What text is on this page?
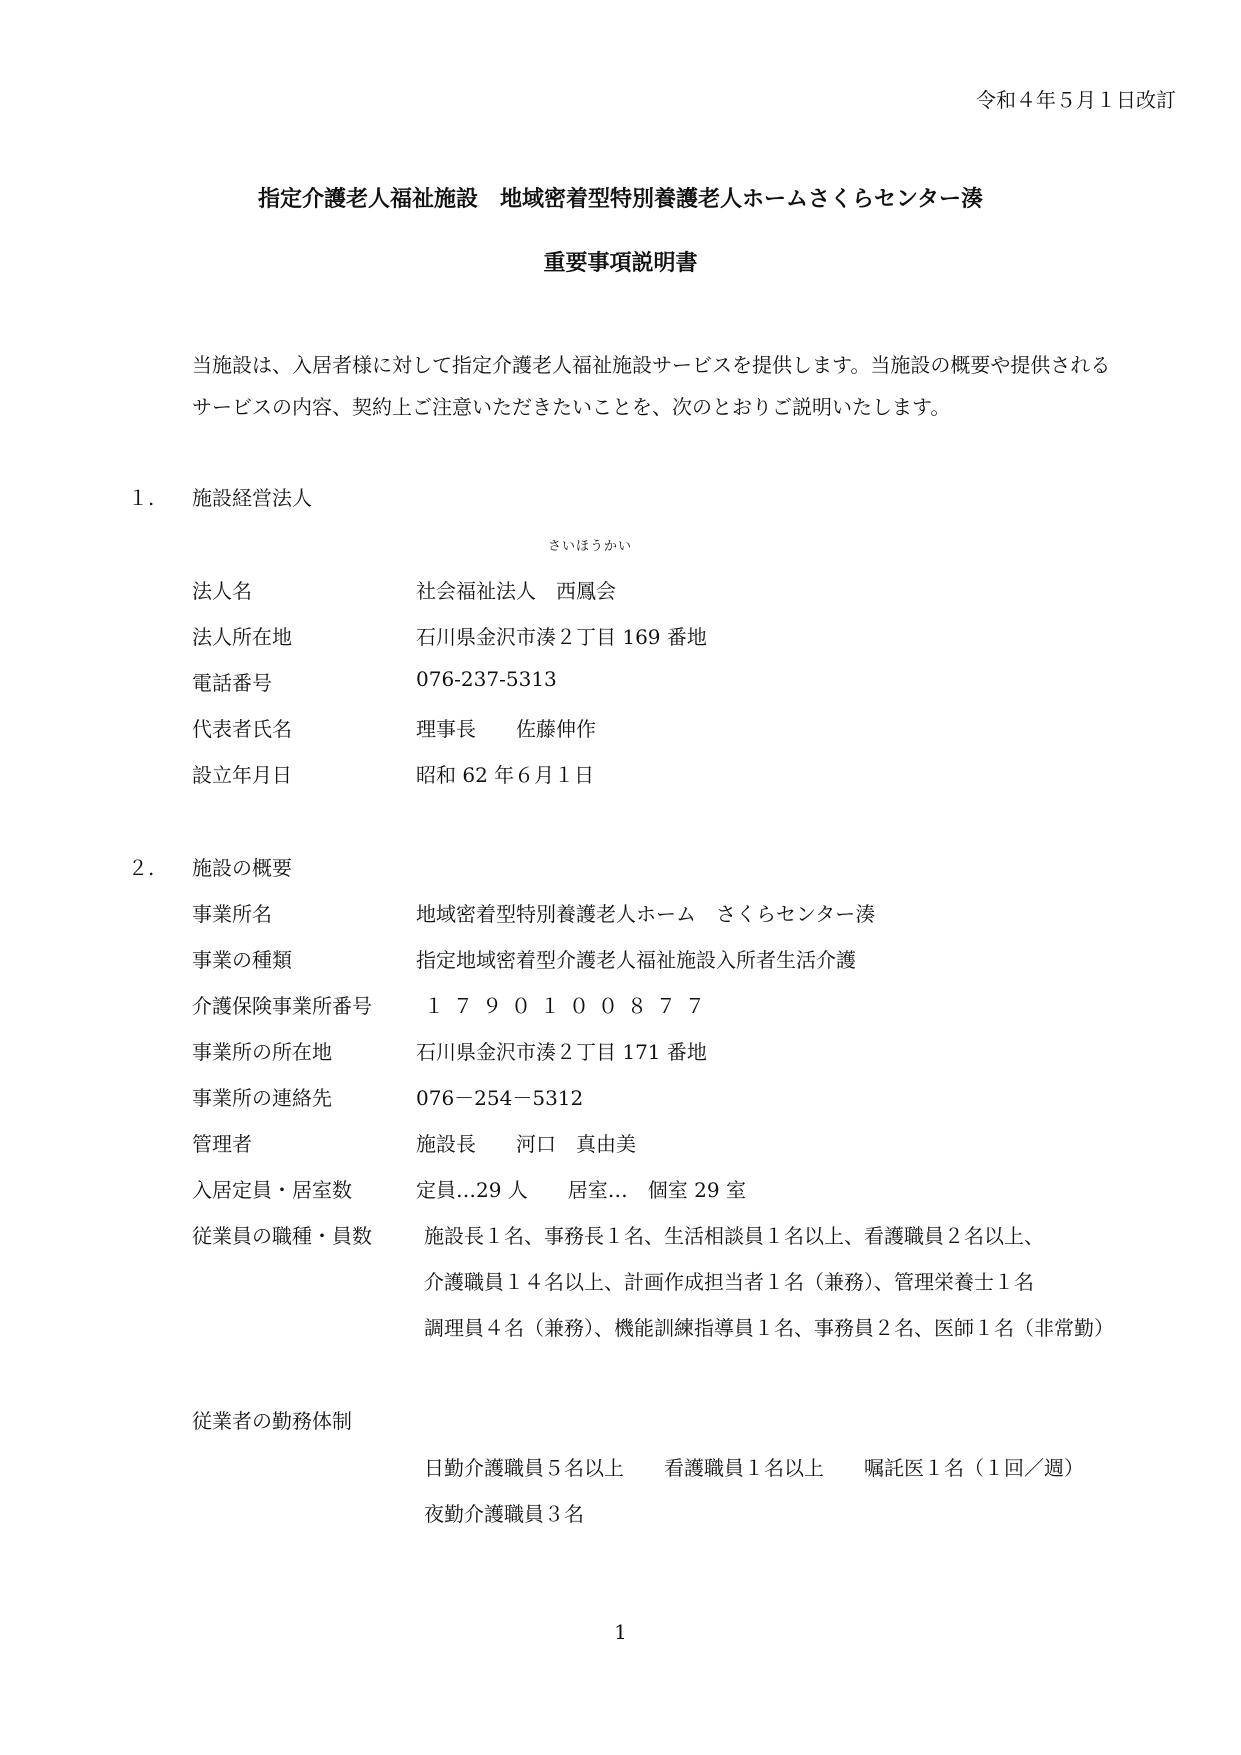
令和４年５月１日改訂
指定介護老人福祉施設　地域密着型特別養護老人ホームさくらセンター湊
重要事項説明書

当施設は、入居者様に対して指定介護老人福祉施設サービスを提供します。当施設の概要や提供される

サービスの内容、契約上ご注意いただきたいことを、次のとおりご説明いたします。

１. 施設経営法人
さいほうかい
法人名	社会福祉法人　西鳳会
法人所在地	石川県金沢市湊２丁目 169 番地
電話番号	076-237-5313
代表者氏名	理事長　　佐藤伸作
設立年月日	昭和 62 年６月１日
２. 施設の概要
事業所名	地域密着型特別養護老人ホーム　さくらセンター湊
事業の種類	指定地域密着型介護老人福祉施設入所者生活介護
介護保険事業所番号	１７９０１００８７７
事業所の所在地	石川県金沢市湊２丁目 171 番地
事業所の連絡先	076－254－5312
管理者	施設長　　河口　真由美
入居定員・居室数	定員…29 人　　居室…　個室 29 室
従業員の職種・員数	施設長１名、事務長１名、生活相談員１名以上、看護職員２名以上、
介護職員１４名以上、計画作成担当者１名（兼務）、管理栄養士１名
調理員４名（兼務）、機能訓練指導員１名、事務員２名、医師１名（非常勤）
従業者の勤務体制
日勤介護職員５名以上　　看護職員１名以上　　嘱託医１名（１回／週）
夜勤介護職員３名
1
